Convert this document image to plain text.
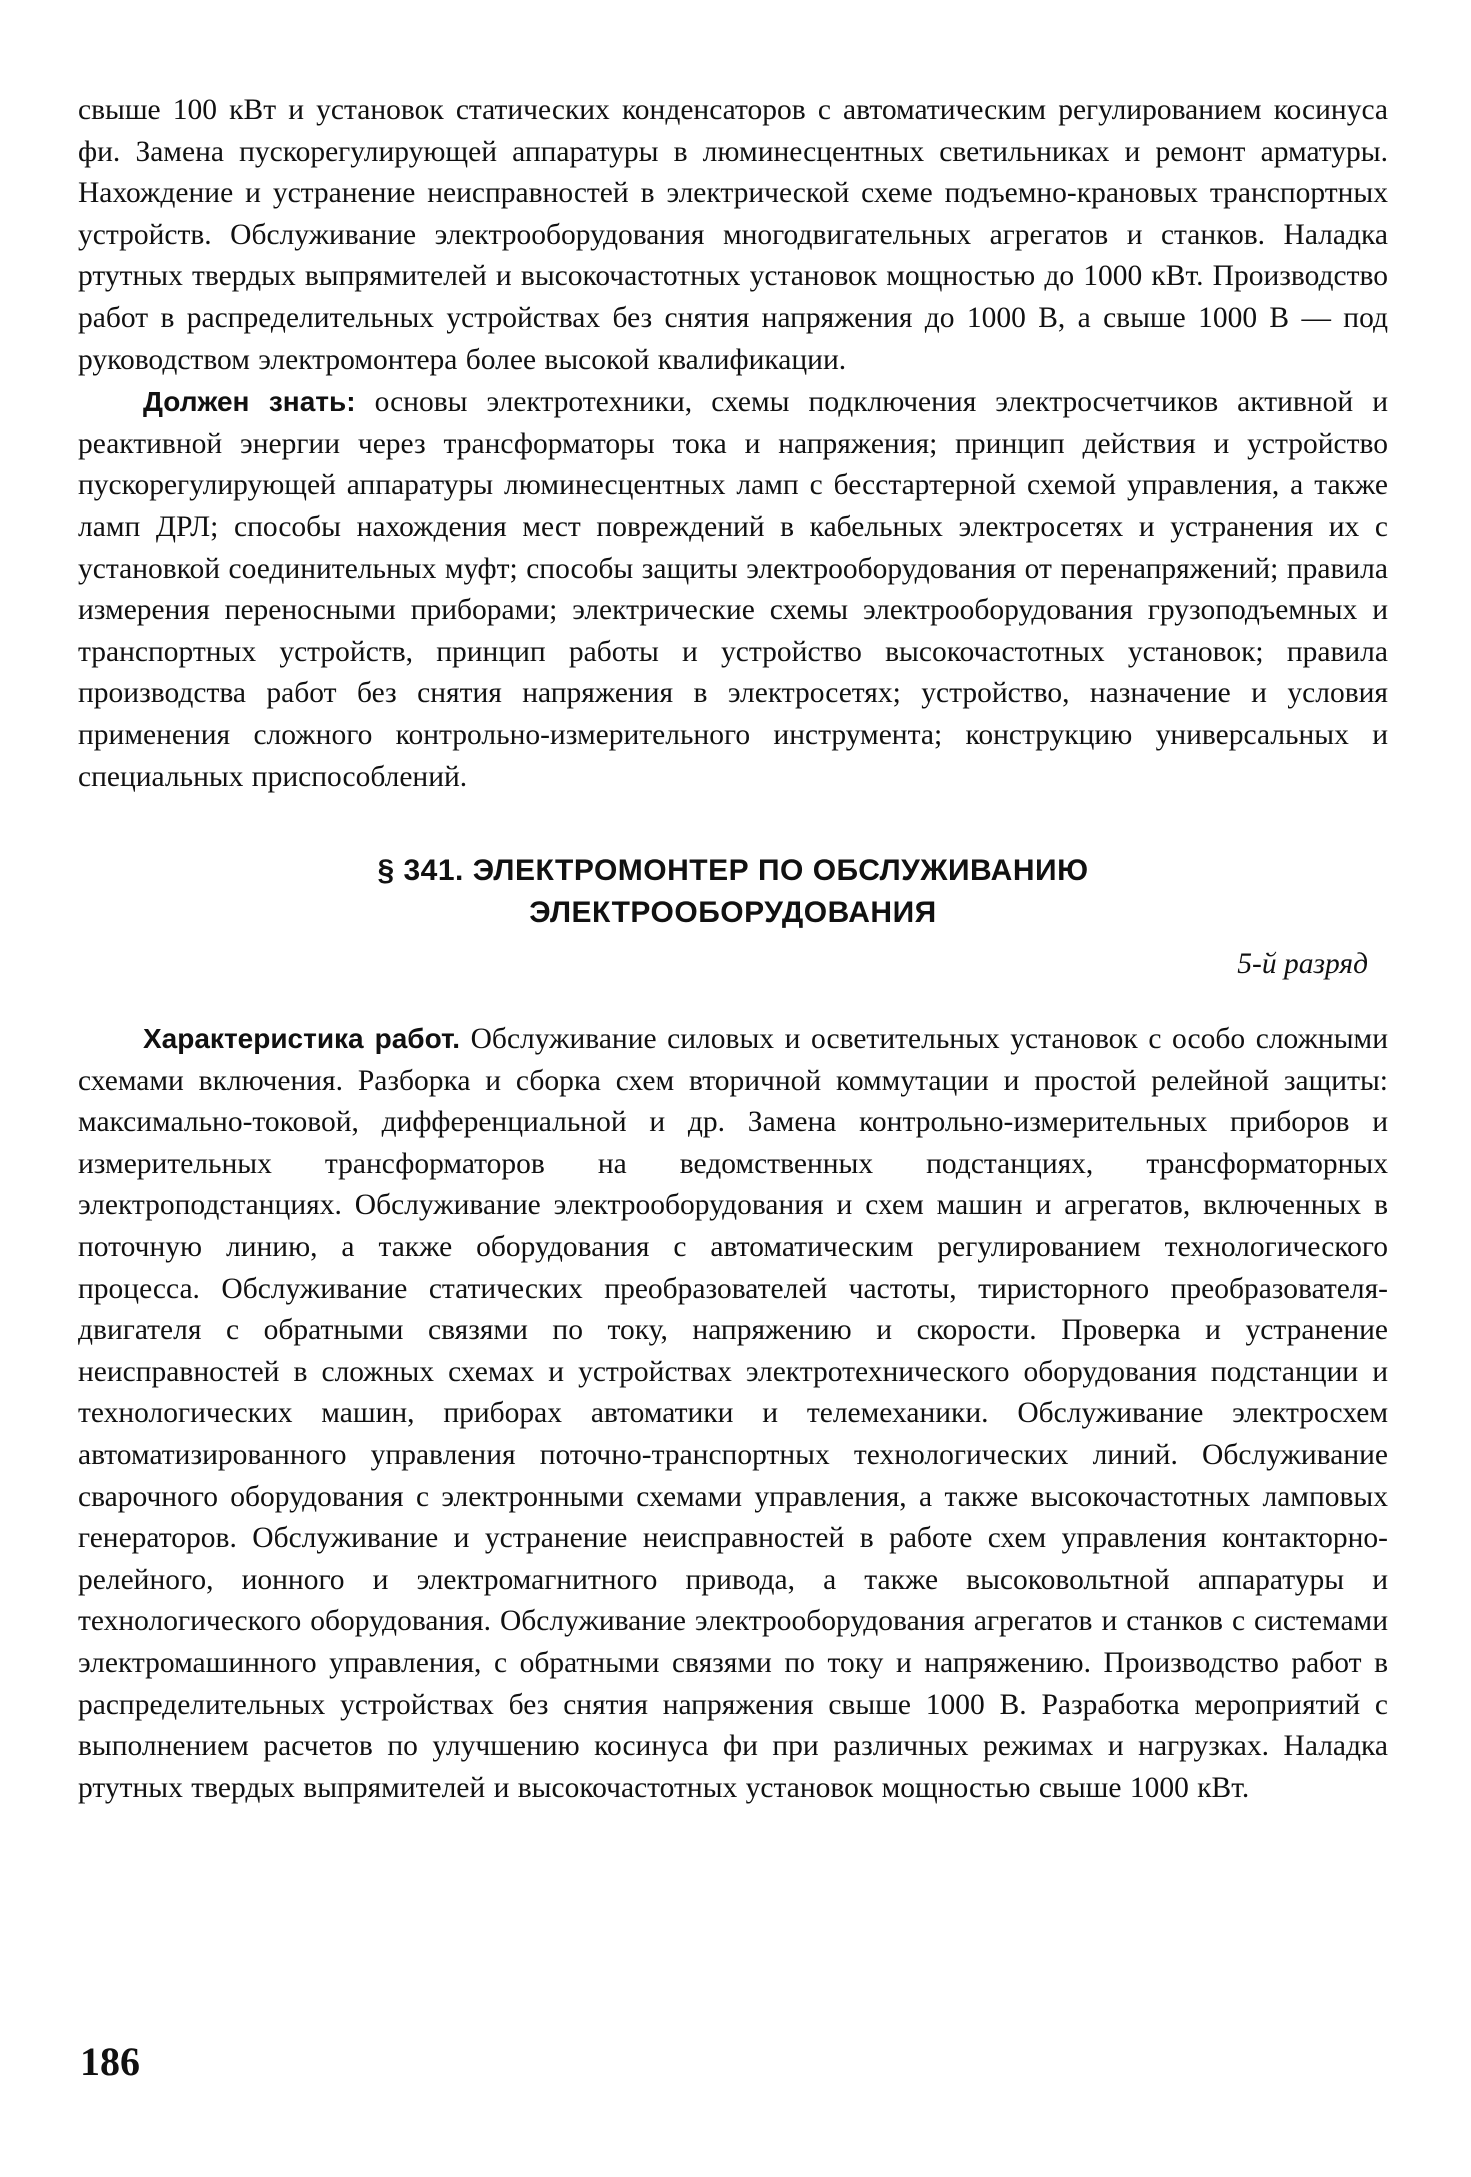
свыше 100 кВт и установок статических конденсаторов с автоматическим регулированием косинуса фи. Замена пускорегулирующей аппаратуры в люминесцентных светильниках и ремонт арматуры. Нахождение и устранение неисправностей в электрической схеме подъемно-крановых транспортных устройств. Обслуживание электрооборудования многодвигательных агрегатов и станков. Наладка ртутных твердых выпрямителей и высокочастотных установок мощностью до 1000 кВт. Производство работ в распределительных устройствах без снятия напряжения до 1000 В, а свыше 1000 В — под руководством электромонтера более высокой квалификации.

Должен знать: основы электротехники, схемы подключения электросчетчиков активной и реактивной энергии через трансформаторы тока и напряжения; принцип действия и устройство пускорегулирующей аппаратуры люминесцентных ламп с бесстартерной схемой управления, а также ламп ДРЛ; способы нахождения мест повреждений в кабельных электросетях и устранения их с установкой соединительных муфт; способы защиты электрооборудования от перенапряжений; правила измерения переносными приборами; электрические схемы электрооборудования грузоподъемных и транспортных устройств, принцип работы и устройство высокочастотных установок; правила производства работ без снятия напряжения в электросетях; устройство, назначение и условия применения сложного контрольно-измерительного инструмента; конструкцию универсальных и специальных приспособлений.

§ 341. ЭЛЕКТРОМОНТЕР ПО ОБСЛУЖИВАНИЮ
ЭЛЕКТРООБОРУДОВАНИЯ
5-й разряд

Характеристика работ. Обслуживание силовых и осветительных установок с особо сложными схемами включения. Разборка и сборка схем вторичной коммутации и простой релейной защиты: максимально-токовой, дифференциальной и др. Замена контрольно-измерительных приборов и измерительных трансформаторов на ведомственных подстанциях, трансформаторных электроподстанциях. Обслуживание электрооборудования и схем машин и агрегатов, включенных в поточную линию, а также оборудования с автоматическим регулированием технологического процесса. Обслуживание статических преобразователей частоты, тиристорного преобразователя-двигателя с обратными связями по току, напряжению и скорости. Проверка и устранение неисправностей в сложных схемах и устройствах электротехнического оборудования подстанции и технологических машин, приборах автоматики и телемеханики. Обслуживание электросхем автоматизированного управления поточно-транспортных технологических линий. Обслуживание сварочного оборудования с электронными схемами управления, а также высокочастотных ламповых генераторов. Обслуживание и устранение неисправностей в работе схем управления контакторно-релейного, ионного и электромагнитного привода, а также высоковольтной аппаратуры и технологического оборудования. Обслуживание электрооборудования агрегатов и станков с системами электромашинного управления, с обратными связями по току и напряжению. Производство работ в распределительных устройствах без снятия напряжения свыше 1000 В. Разработка мероприятий с выполнением расчетов по улучшению косинуса фи при различных режимах и нагрузках. Наладка ртутных твердых выпрямителей и высокочастотных установок мощностью свыше 1000 кВт.

186
